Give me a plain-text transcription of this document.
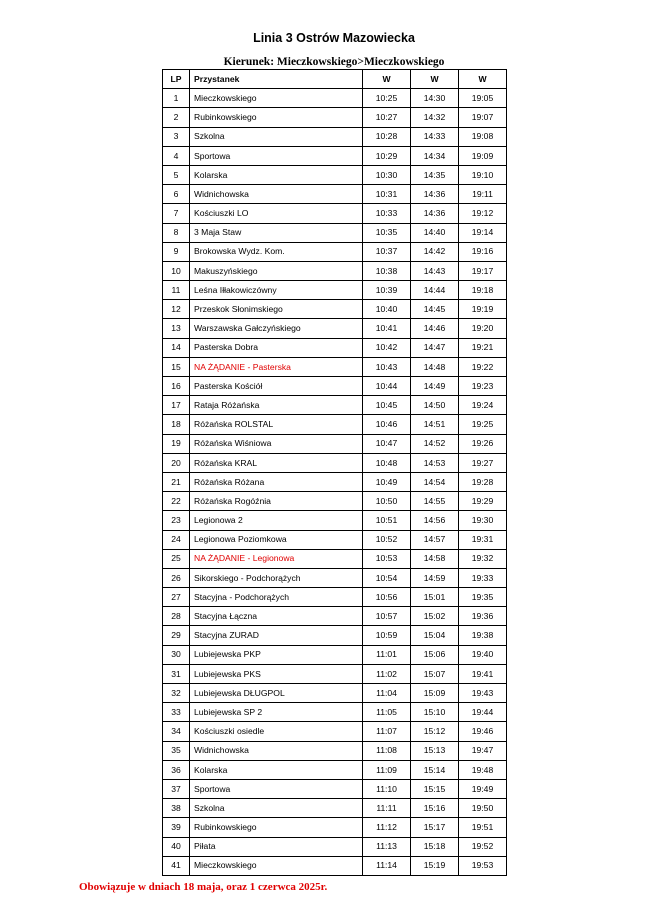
Linia 3 Ostrów Mazowiecka
Kierunek: Mieczkowskiego>Mieczkowskiego
LP	Przystanek	W	W	W
1	Mieczkowskiego	10:25	14:30	19:05
2	Rubinkowskiego	10:27	14:32	19:07
3	Szkolna	10:28	14:33	19:08
4	Sportowa	10:29	14:34	19:09
5	Kolarska	10:30	14:35	19:10
6	Widnichowska	10:31	14:36	19:11
7	Kościuszki LO	10:33	14:36	19:12
8	3 Maja Staw	10:35	14:40	19:14
9	Brokowska Wydz. Kom.	10:37	14:42	19:16
10	Makuszyńskiego	10:38	14:43	19:17
11	Leśna Iłłakowiczówny	10:39	14:44	19:18
12	Przeskok Słonimskiego	10:40	14:45	19:19
13	Warszawska Gałczyńskiego	10:41	14:46	19:20
14	Pasterska Dobra	10:42	14:47	19:21
15	NA ŻĄDANIE - Pasterska	10:43	14:48	19:22
16	Pasterska Kościół	10:44	14:49	19:23
17	Rataja Różańska	10:45	14:50	19:24
18	Różańska ROLSTAL	10:46	14:51	19:25
19	Różańska Wiśniowa	10:47	14:52	19:26
20	Różańska KRAL	10:48	14:53	19:27
21	Różańska Różana	10:49	14:54	19:28
22	Różańska Rogóźnia	10:50	14:55	19:29
23	Legionowa 2	10:51	14:56	19:30
24	Legionowa Poziomkowa	10:52	14:57	19:31
25	NA ŻĄDANIE - Legionowa	10:53	14:58	19:32
26	Sikorskiego - Podchorążych	10:54	14:59	19:33
27	Stacyjna - Podchorążych	10:56	15:01	19:35
28	Stacyjna Łączna	10:57	15:02	19:36
29	Stacyjna ZURAD	10:59	15:04	19:38
30	Lubiejewska PKP	11:01	15:06	19:40
31	Lubiejewska PKS	11:02	15:07	19:41
32	Lubiejewska DŁUGPOL	11:04	15:09	19:43
33	Lubiejewska SP 2	11:05	15:10	19:44
34	Kościuszki osiedle	11:07	15:12	19:46
35	Widnichowska	11:08	15:13	19:47
36	Kolarska	11:09	15:14	19:48
37	Sportowa	11:10	15:15	19:49
38	Szkolna	11:11	15:16	19:50
39	Rubinkowskiego	11:12	15:17	19:51
40	Piłata	11:13	15:18	19:52
41	Mieczkowskiego	11:14	15:19	19:53
Obowiązuje w dniach 18 maja, oraz 1 czerwca 2025r.
